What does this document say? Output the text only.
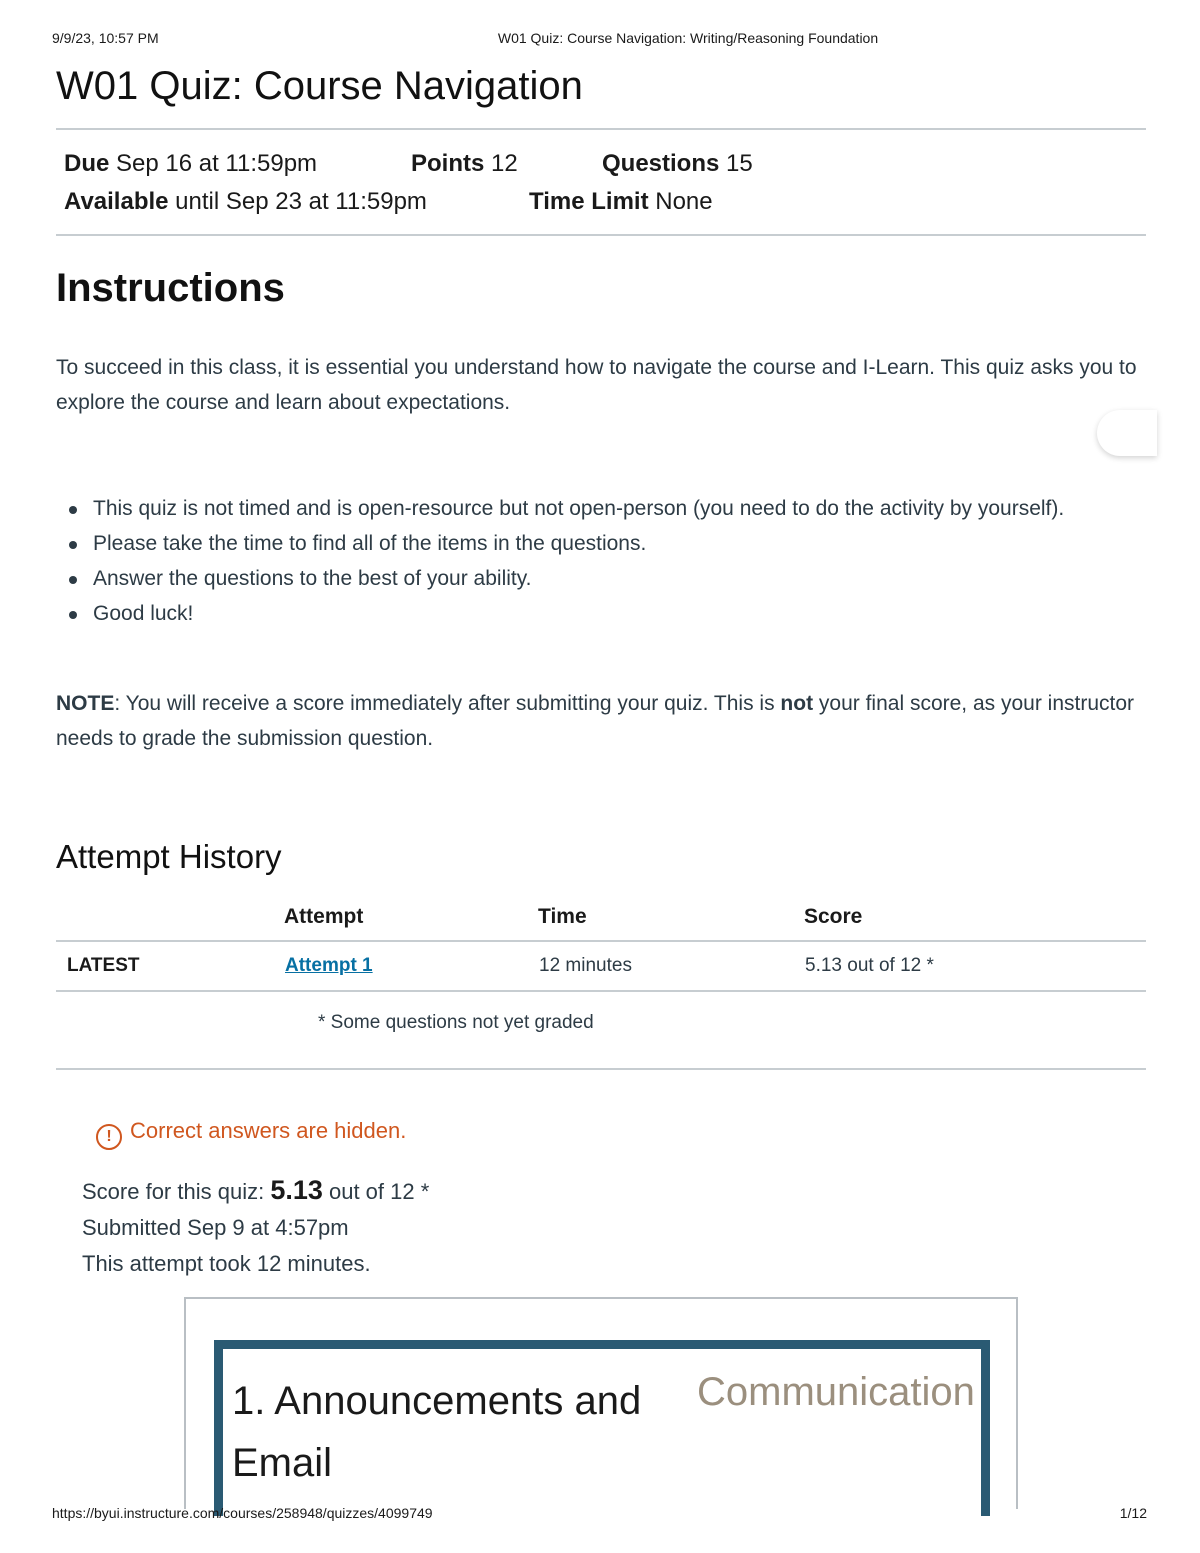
9/9/23, 10:57 PM	W01 Quiz: Course Navigation: Writing/Reasoning Foundation
W01 Quiz: Course Navigation
Due Sep 16 at 11:59pm	Points 12	Questions 15
Available until Sep 23 at 11:59pm	Time Limit None
Instructions

To succeed in this class, it is essential you understand how to navigate the course and I-Learn. This quiz asks you to explore the course and learn about expectations.

This quiz is not timed and is open-resource but not open-person (you need to do the activity by yourself).
Please take the time to find all of the items in the questions.
Answer the questions to the best of your ability.
Good luck!

NOTE: You will receive a score immediately after submitting your quiz. This is not your final score, as your instructor needs to grade the submission question.

Attempt History
	Attempt	Time	Score
LATEST	Attempt 1	12 minutes	5.13 out of 12 *
* Some questions not yet graded
! Correct answers are hidden.
Score for this quiz: 5.13 out of 12 *
Submitted Sep 9 at 4:57pm
This attempt took 12 minutes.
1. Announcements and Email
Communication
https://byui.instructure.com/courses/258948/quizzes/4099749	1/12
